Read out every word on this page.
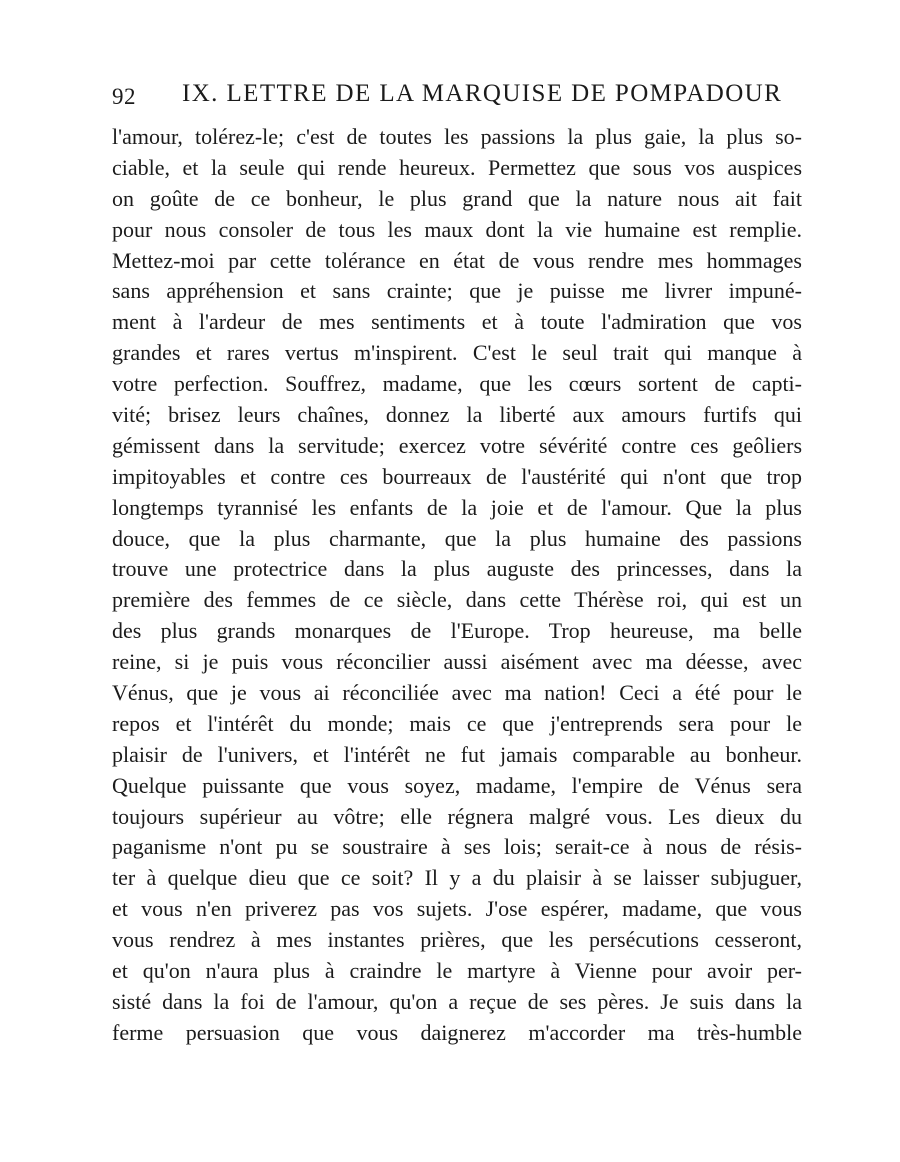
92 IX. LETTRE DE LA MARQUISE DE POMPADOUR
l'amour, tolérez-le; c'est de toutes les passions la plus gaie, la plus so-
ciable, et la seule qui rende heureux. Permettez que sous vos auspices
on goûte de ce bonheur, le plus grand que la nature nous ait fait
pour nous consoler de tous les maux dont la vie humaine est remplie.
Mettez-moi par cette tolérance en état de vous rendre mes hommages
sans appréhension et sans crainte; que je puisse me livrer impuné-
ment à l'ardeur de mes sentiments et à toute l'admiration que vos
grandes et rares vertus m'inspirent. C'est le seul trait qui manque à
votre perfection. Souffrez, madame, que les cœurs sortent de capti-
vité; brisez leurs chaînes, donnez la liberté aux amours furtifs qui
gémissent dans la servitude; exercez votre sévérité contre ces geôliers
impitoyables et contre ces bourreaux de l'austérité qui n'ont que trop
longtemps tyrannisé les enfants de la joie et de l'amour. Que la plus
douce, que la plus charmante, que la plus humaine des passions
trouve une protectrice dans la plus auguste des princesses, dans la
première des femmes de ce siècle, dans cette Thérèse roi, qui est un
des plus grands monarques de l'Europe. Trop heureuse, ma belle
reine, si je puis vous réconcilier aussi aisément avec ma déesse, avec
Vénus, que je vous ai réconciliée avec ma nation! Ceci a été pour le
repos et l'intérêt du monde; mais ce que j'entreprends sera pour le
plaisir de l'univers, et l'intérêt ne fut jamais comparable au bonheur.
Quelque puissante que vous soyez, madame, l'empire de Vénus sera
toujours supérieur au vôtre; elle régnera malgré vous. Les dieux du
paganisme n'ont pu se soustraire à ses lois; serait-ce à nous de résis-
ter à quelque dieu que ce soit? Il y a du plaisir à se laisser subjuguer,
et vous n'en priverez pas vos sujets. J'ose espérer, madame, que vous
vous rendrez à mes instantes prières, que les persécutions cesseront,
et qu'on n'aura plus à craindre le martyre à Vienne pour avoir per-
sisté dans la foi de l'amour, qu'on a reçue de ses pères. Je suis dans la
ferme persuasion que vous daignerez m'accorder ma très-humble
